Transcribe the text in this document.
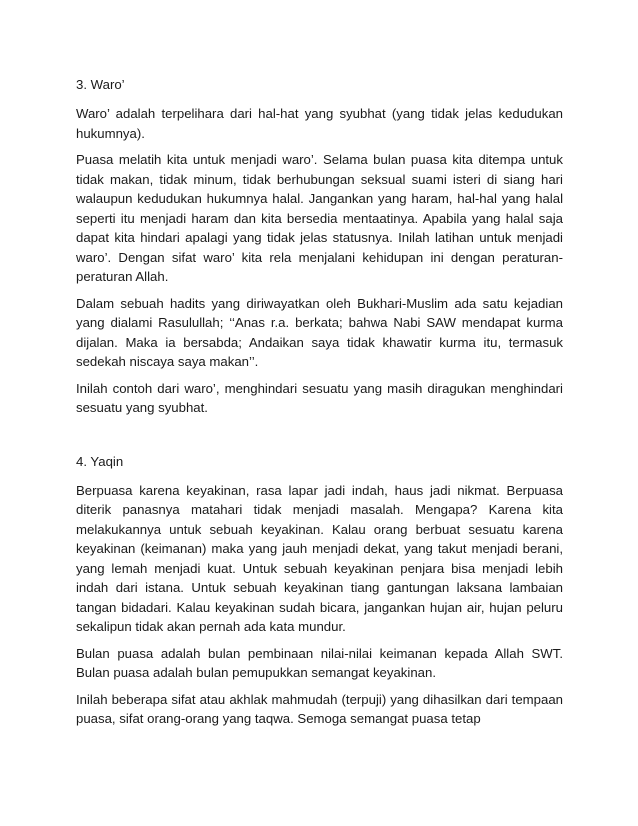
3. Waro’

Waro’ adalah terpelihara dari hal-hat yang syubhat (yang tidak jelas kedudukan hukumnya).

Puasa melatih kita untuk menjadi waro’. Selama bulan puasa kita ditempa untuk tidak makan, tidak minum, tidak berhubungan seksual suami isteri di siang hari walaupun kedudukan hukumnya halal. Jangankan yang haram, hal-hal yang halal seperti itu menjadi haram dan kita bersedia mentaatinya. Apabila yang halal saja dapat kita hindari apalagi yang tidak jelas statusnya. Inilah latihan untuk menjadi waro’. Dengan sifat waro’ kita rela menjalani kehidupan ini dengan peraturan-peraturan Allah.

Dalam sebuah hadits yang diriwayatkan oleh Bukhari-Muslim ada satu kejadian yang dialami Rasulullah; ‘‘Anas r.a. berkata; bahwa Nabi SAW mendapat kurma dijalan. Maka ia bersabda; Andaikan saya tidak khawatir kurma itu, termasuk sedekah niscaya saya makan’’.

Inilah contoh dari waro’, menghindari sesuatu yang masih diragukan menghindari sesuatu yang syubhat.

4. Yaqin

Berpuasa karena keyakinan, rasa lapar jadi indah, haus jadi nikmat. Berpuasa diterik panasnya matahari tidak menjadi masalah. Mengapa? Karena kita melakukannya untuk sebuah keyakinan. Kalau orang berbuat sesuatu karena keyakinan (keimanan) maka yang jauh menjadi dekat, yang takut menjadi berani, yang lemah menjadi kuat. Untuk sebuah keyakinan penjara bisa menjadi lebih indah dari istana. Untuk sebuah keyakinan tiang gantungan laksana lambaian tangan bidadari. Kalau keyakinan sudah bicara, jangankan hujan air, hujan peluru sekalipun tidak akan pernah ada kata mundur.

Bulan puasa adalah bulan pembinaan nilai-nilai keimanan kepada Allah SWT. Bulan puasa adalah bulan pemupukkan semangat keyakinan.

Inilah beberapa sifat atau akhlak mahmudah (terpuji) yang dihasilkan dari tempaan puasa, sifat orang-orang yang taqwa. Semoga semangat puasa tetap
